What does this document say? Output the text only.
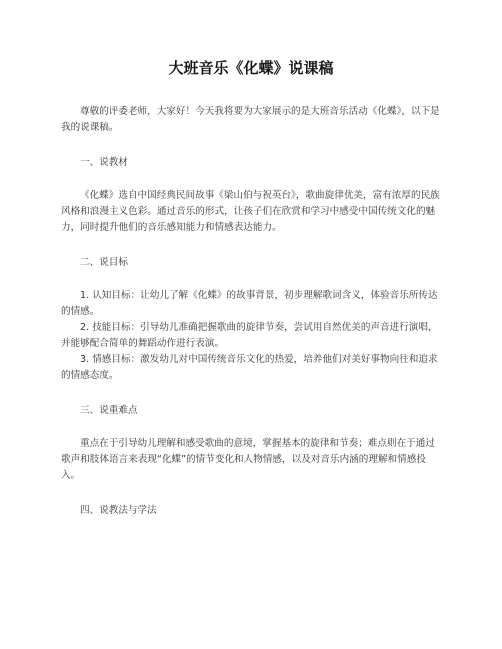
大班音乐《化蝶》说课稿

尊敬的评委老师，大家好！今天我将要为大家展示的是大班音乐活动《化蝶》，以下是我的说课稿。

一、说教材

《化蝶》选自中国经典民间故事《梁山伯与祝英台》，歌曲旋律优美，富有浓厚的民族风格和浪漫主义色彩。通过音乐的形式，让孩子们在欣赏和学习中感受中国传统文化的魅力，同时提升他们的音乐感知能力和情感表达能力。

二、说目标

1. 认知目标：让幼儿了解《化蝶》的故事背景，初步理解歌词含义，体验音乐所传达的情感。

2. 技能目标：引导幼儿准确把握歌曲的旋律节奏，尝试用自然优美的声音进行演唱，并能够配合简单的舞蹈动作进行表演。

3. 情感目标：激发幼儿对中国传统音乐文化的热爱，培养他们对美好事物向往和追求的情感态度。

三、说重难点

重点在于引导幼儿理解和感受歌曲的意境，掌握基本的旋律和节奏；难点则在于通过歌声和肢体语言来表现“化蝶”的情节变化和人物情感，以及对音乐内涵的理解和情感投入。

四、说教法与学法
